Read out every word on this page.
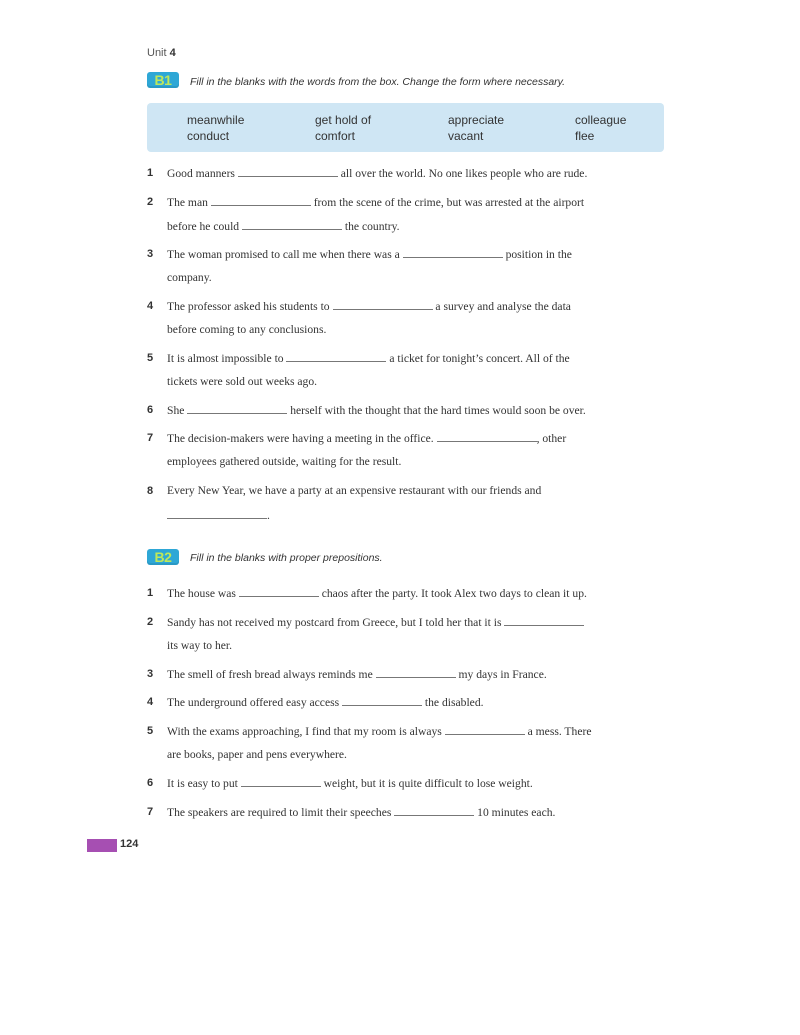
Unit 4
B1	Fill in the blanks with the words from the box. Change the form where necessary.
meanwhile	get hold of	appreciate	colleague
conduct	comfort	vacant	flee
1 Good manners	all over the world. No one likes people who are rude.
2 The man	from the scene of the crime, but was arrested at the airport
before he could	the country.
3 The woman promised to call me when there was a	position in the
company.
4 The professor asked his students to	a survey and analyse the data
before coming to any conclusions.
5 It is almost impossible to	a ticket for tonight’s concert. All of the
tickets were sold out weeks ago.
6 She	herself with the thought that the hard times would soon be over.
7 The decision-makers were having a meeting in the office.	, other
employees gathered outside, waiting for the result.
8 Every New Year, we have a party at an expensive restaurant with our friends and
.
B2	Fill in the blanks with proper prepositions.
1 The house was	chaos after the party. It took Alex two days to clean it up.
2 Sandy has not received my postcard from Greece, but I told her that it is
its way to her.
3 The smell of fresh bread always reminds me	my days in France.
4 The underground offered easy access	the disabled.
5 With the exams approaching, I find that my room is always	a mess. There
are books, paper and pens everywhere.
6 It is easy to put	weight, but it is quite difficult to lose weight.
7 The speakers are required to limit their speeches	10 minutes each.
124
